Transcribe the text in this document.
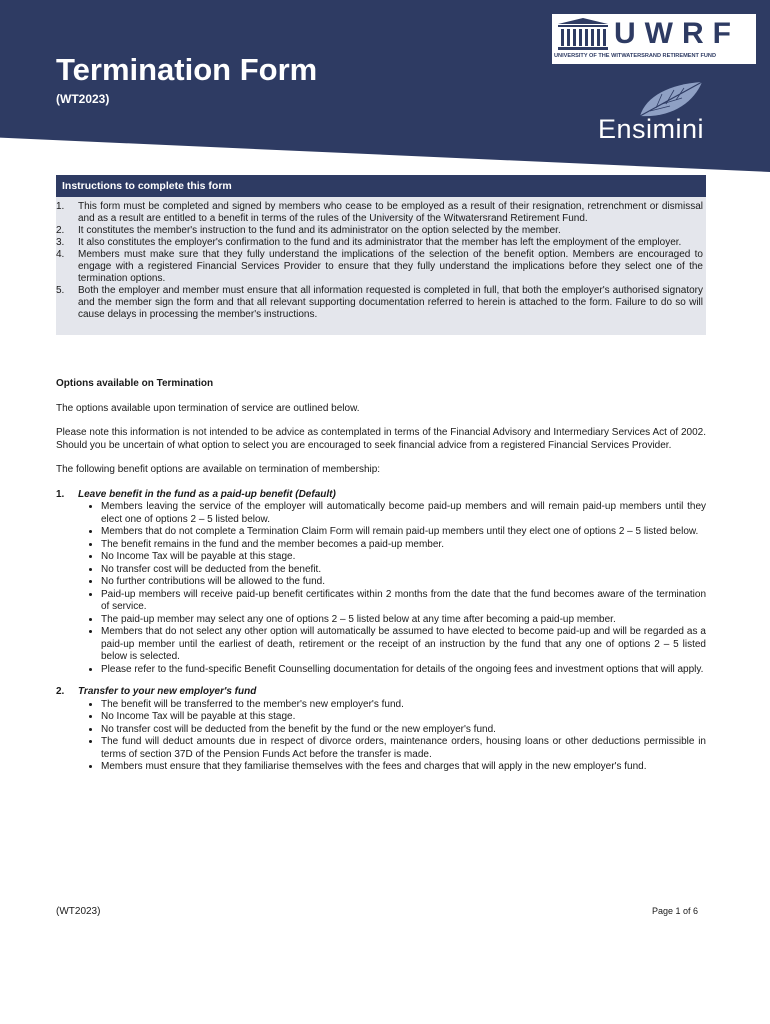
Termination Form
(WT2023)
UWRF
UNIVERSITY OF THE WITWATERSRAND RETIREMENT FUND
Ensimini
Instructions to complete this form
1.	This form must be completed and signed by members who cease to be employed as a result of their resignation, retrenchment or dismissal and as a result are entitled to a benefit in terms of the rules of the University of the Witwatersrand Retirement Fund.
2.	It constitutes the member's instruction to the fund and its administrator on the option selected by the member.
3.	It also constitutes the employer's confirmation to the fund and its administrator that the member has left the employment of the employer.
4.	Members must make sure that they fully understand the implications of the selection of the benefit option. Members are encouraged to engage with a registered Financial Services Provider to ensure that they fully understand the implications before they select one of the termination options.
5.	Both the employer and member must ensure that all information requested is completed in full, that both the employer's authorised signatory and the member sign the form and that all relevant supporting documentation referred to herein is attached to the form. Failure to do so will cause delays in processing the member's instructions.
Options available on Termination

The options available upon termination of service are outlined below.

Please note this information is not intended to be advice as contemplated in terms of the Financial Advisory and Intermediary Services Act of 2002. Should you be uncertain of what option to select you are encouraged to seek financial advice from a registered Financial Services Provider.

The following benefit options are available on termination of membership:

1.	Leave benefit in the fund as a paid-up benefit (Default)
• Members leaving the service of the employer will automatically become paid-up members and will remain paid-up members until they elect one of options 2 – 5 listed below.
• Members that do not complete a Termination Claim Form will remain paid-up members until they elect one of options 2 – 5 listed below.
• The benefit remains in the fund and the member becomes a paid-up member.
• No Income Tax will be payable at this stage.
• No transfer cost will be deducted from the benefit.
• No further contributions will be allowed to the fund.
• Paid-up members will receive paid-up benefit certificates within 2 months from the date that the fund becomes aware of the termination of service.
• The paid-up member may select any one of options 2 – 5 listed below at any time after becoming a paid-up member.
• Members that do not select any other option will automatically be assumed to have elected to become paid-up and will be regarded as a paid-up member until the earliest of death, retirement or the receipt of an instruction by the fund that any one of options 2 – 5 listed below is selected.
• Please refer to the fund-specific Benefit Counselling documentation for details of the ongoing fees and investment options that will apply.
2.	Transfer to your new employer's fund
• The benefit will be transferred to the member's new employer's fund.
• No Income Tax will be payable at this stage.
• No transfer cost will be deducted from the benefit by the fund or the new employer's fund.
• The fund will deduct amounts due in respect of divorce orders, maintenance orders, housing loans or other deductions permissible in terms of section 37D of the Pension Funds Act before the transfer is made.
• Members must ensure that they familiarise themselves with the fees and charges that will apply in the new employer's fund.
(WT2023)	Page 1 of 6
